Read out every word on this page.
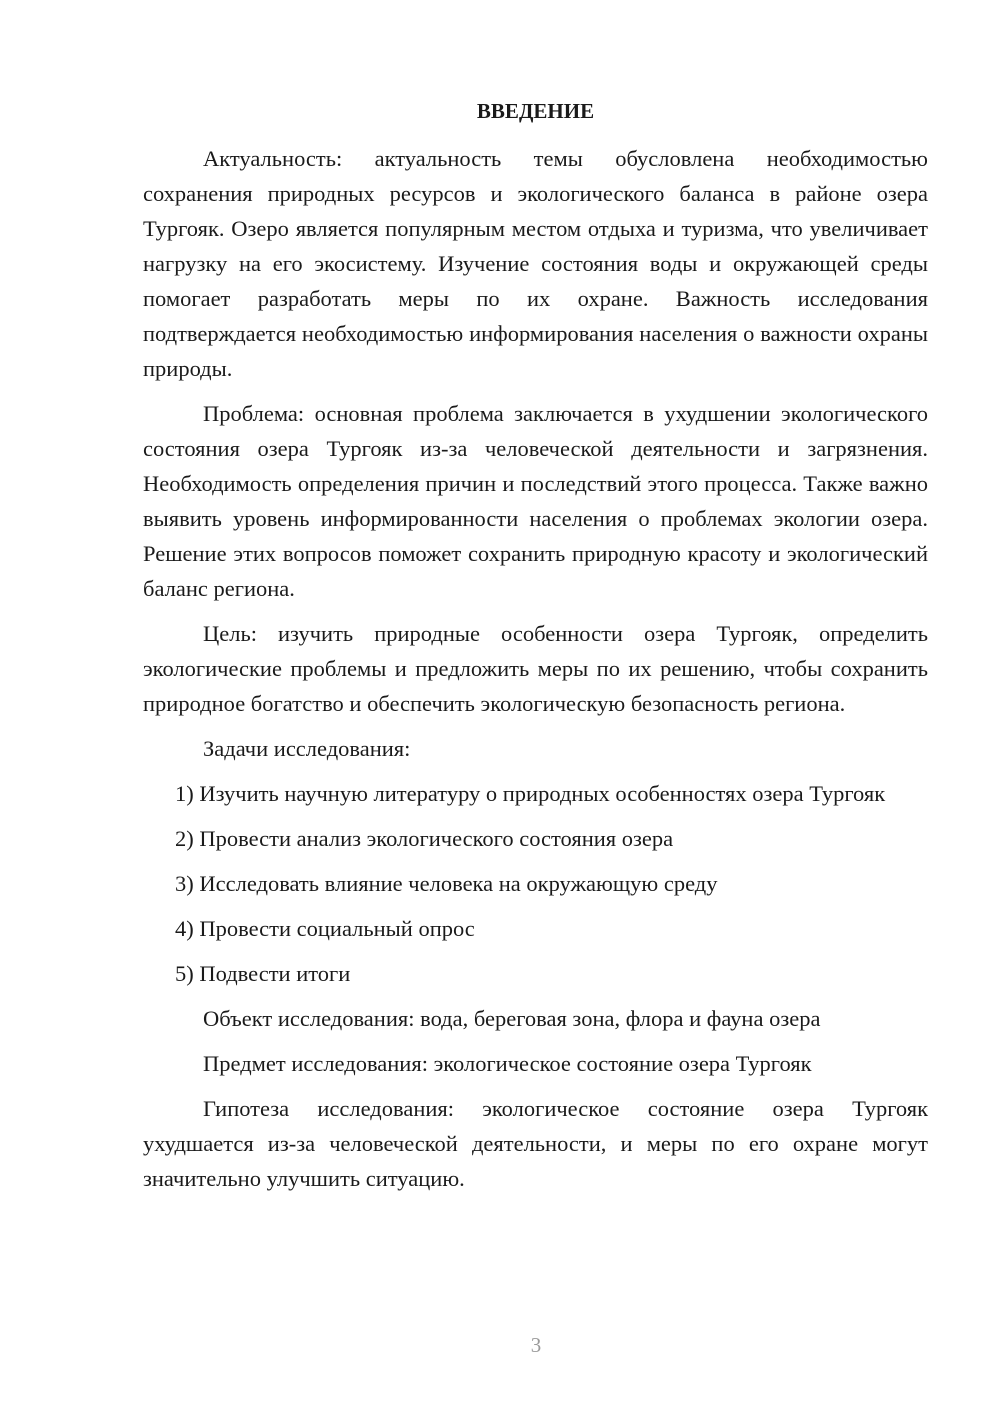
ВВЕДЕНИЕ

Актуальность: актуальность темы обусловлена необходимостью сохранения природных ресурсов и экологического баланса в районе озера Тургояк. Озеро является популярным местом отдыха и туризма, что увеличивает нагрузку на его экосистему. Изучение состояния воды и окружающей среды помогает разработать меры по их охране. Важность исследования подтверждается необходимостью информирования населения о важности охраны природы.

Проблема: основная проблема заключается в ухудшении экологического состояния озера Тургояк из-за человеческой деятельности и загрязнения. Необходимость определения причин и последствий этого процесса. Также важно выявить уровень информированности населения о проблемах экологии озера. Решение этих вопросов поможет сохранить природную красоту и экологический баланс региона.

Цель: изучить природные особенности озера Тургояк, определить экологические проблемы и предложить меры по их решению, чтобы сохранить природное богатство и обеспечить экологическую безопасность региона.

Задачи исследования:

1) Изучить научную литературу о природных особенностях озера Тургояк

2) Провести анализ экологического состояния озера

3) Исследовать влияние человека на окружающую среду

4) Провести социальный опрос

5) Подвести итоги

Объект исследования: вода, береговая зона, флора и фауна озера

Предмет исследования: экологическое состояние озера Тургояк

Гипотеза исследования: экологическое состояние озера Тургояк ухудшается из-за человеческой деятельности, и меры по его охране могут значительно улучшить ситуацию.

3
